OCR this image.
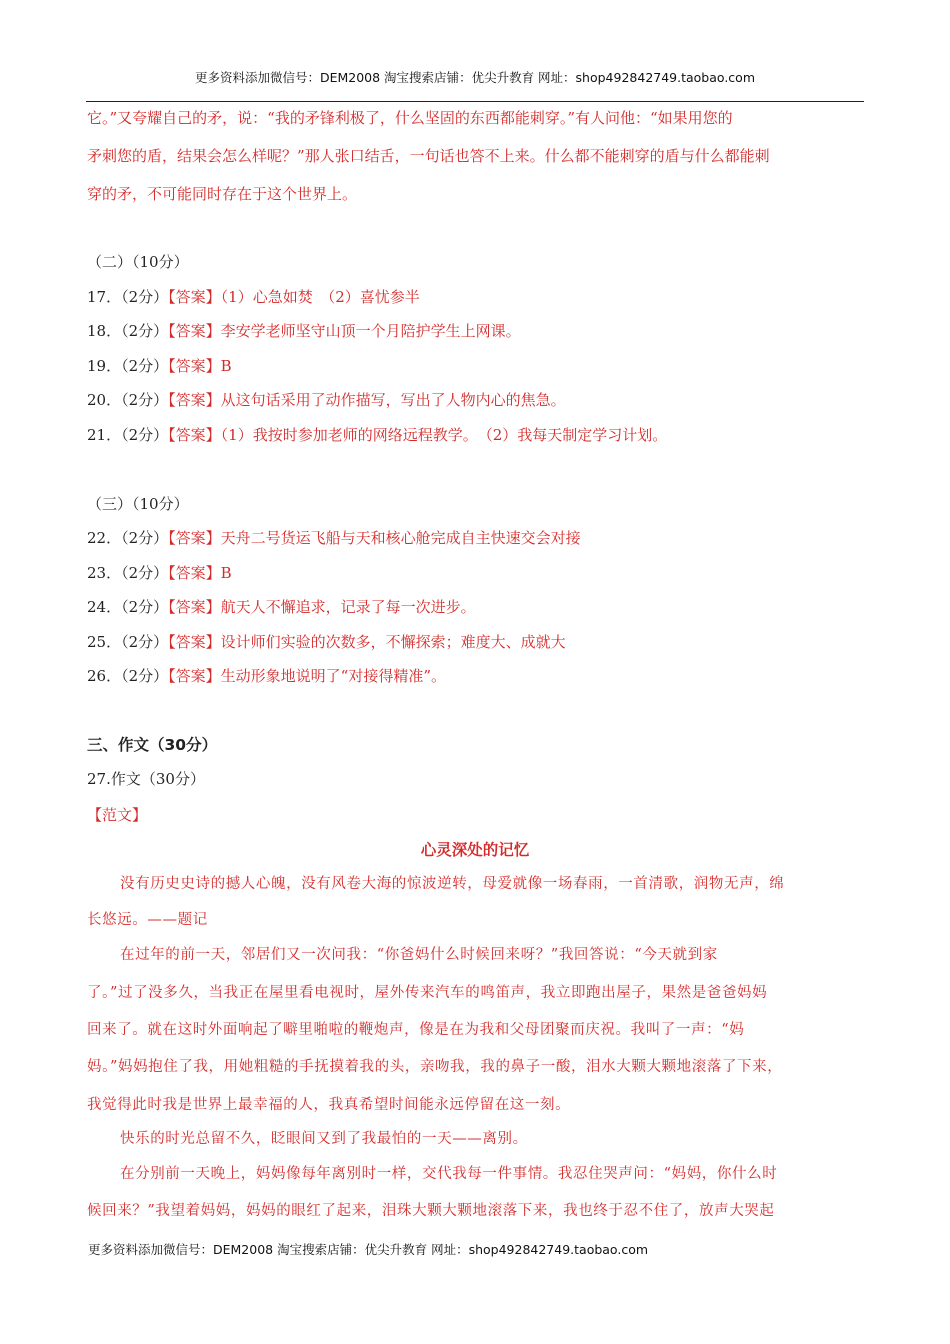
更多资料添加微信号：DEM2008 淘宝搜索店铺：优尖升教育 网址：shop492842749.taobao.com
它。”又夸耀自己的矛，说：“我的矛锋利极了，什么坚固的东西都能刺穿。”有人问他：“如果用您的
矛刺您的盾，结果会怎么样呢？”那人张口结舌，一句话也答不上来。什么都不能刺穿的盾与什么都能刺
穿的矛，不可能同时存在于这个世界上。
（二）（10分）
17．（2分）【答案】（1）心急如焚　（2）喜忧参半
18．（2分）【答案】李安学老师坚守山顶一个月陪护学生上网课。
19．（2分）【答案】B
20．（2分）【答案】从这句话采用了动作描写，写出了人物内心的焦急。
21．（2分）【答案】（1）我按时参加老师的网络远程教学。　（2）我每天制定学习计划。
（三）（10分）
22．（2分）【答案】天舟二号货运飞船与天和核心舱完成自主快速交会对接
23．（2分）【答案】B
24．（2分）【答案】航天人不懈追求，记录了每一次进步。
25．（2分）【答案】设计师们实验的次数多，不懈探索；难度大、成就大
26．（2分）【答案】生动形象地说明了“对接得精准”。
三、作文（30分）
27.作文（30分）
【范文】
心灵深处的记忆
没有历史史诗的撼人心魄，没有风卷大海的惊波逆转，母爱就像一场春雨，一首清歌，润物无声，绵
长悠远。——题记
在过年的前一天，邻居们又一次问我：“你爸妈什么时候回来呀？”我回答说：“今天就到家
了。”过了没多久，当我正在屋里看电视时，屋外传来汽车的鸣笛声，我立即跑出屋子，果然是爸爸妈妈
回来了。就在这时外面响起了噼里啪啦的鞭炮声，像是在为我和父母团聚而庆祝。我叫了一声：“妈
妈。”妈妈抱住了我，用她粗糙的手抚摸着我的头，亲吻我，我的鼻子一酸，泪水大颗大颗地滚落了下来，
我觉得此时我是世界上最幸福的人，我真希望时间能永远停留在这一刻。
快乐的时光总留不久，眨眼间又到了我最怕的一天——离别。
在分别前一天晚上，妈妈像每年离别时一样，交代我每一件事情。我忍住哭声问：“妈妈，你什么时
候回来？”我望着妈妈，妈妈的眼红了起来，泪珠大颗大颗地滚落下来，我也终于忍不住了，放声大哭起
更多资料添加微信号：DEM2008 淘宝搜索店铺：优尖升教育 网址：shop492842749.taobao.com
